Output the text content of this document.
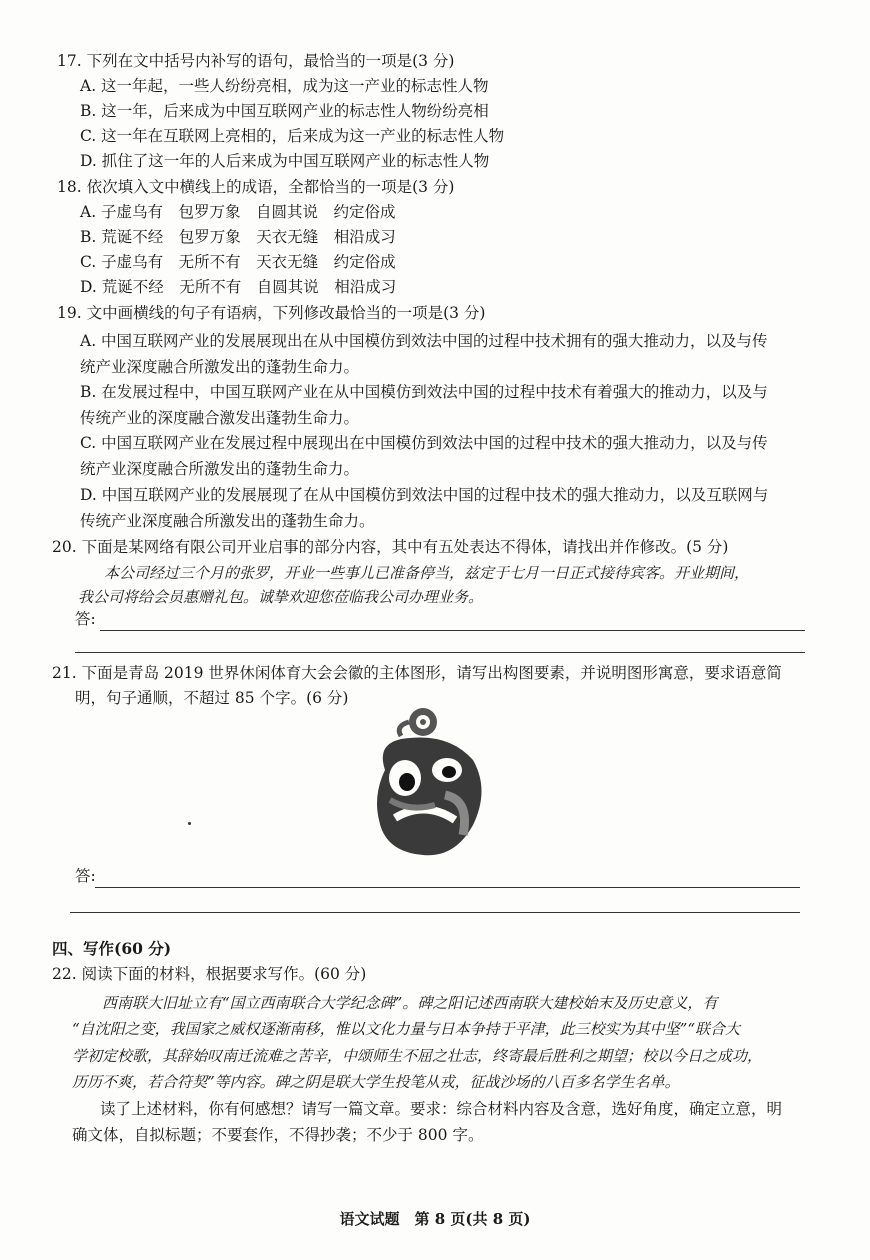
17. 下列在文中括号内补写的语句，最恰当的一项是(3 分)
A. 这一年起，一些人纷纷亮相，成为这一产业的标志性人物
B. 这一年，后来成为中国互联网产业的标志性人物纷纷亮相
C. 这一年在互联网上亮相的，后来成为这一产业的标志性人物
D. 抓住了这一年的人后来成为中国互联网产业的标志性人物
18. 依次填入文中横线上的成语，全都恰当的一项是(3 分)
A. 子虚乌有　包罗万象　自圆其说　约定俗成
B. 荒诞不经　包罗万象　天衣无缝　相沿成习
C. 子虚乌有　无所不有　天衣无缝　约定俗成
D. 荒诞不经　无所不有　自圆其说　相沿成习
19. 文中画横线的句子有语病，下列修改最恰当的一项是(3 分)
A. 中国互联网产业的发展展现出在从中国模仿到效法中国的过程中技术拥有的强大推动力，以及与传
统产业深度融合所激发出的蓬勃生命力。
B. 在发展过程中，中国互联网产业在从中国模仿到效法中国的过程中技术有着强大的推动力，以及与
传统产业的深度融合激发出蓬勃生命力。
C. 中国互联网产业在发展过程中展现出在中国模仿到效法中国的过程中技术的强大推动力，以及与传
统产业深度融合所激发出的蓬勃生命力。
D. 中国互联网产业的发展展现了在从中国模仿到效法中国的过程中技术的强大推动力，以及互联网与
传统产业深度融合所激发出的蓬勃生命力。
20. 下面是某网络有限公司开业启事的部分内容，其中有五处表达不得体，请找出并作修改。(5 分)
本公司经过三个月的张罗，开业一些事儿已准备停当，兹定于七月一日正式接待宾客。开业期间，
我公司将给会员惠赠礼包。诚挚欢迎您莅临我公司办理业务。
答:
21. 下面是青岛 2019 世界休闲体育大会会徽的主体图形，请写出构图要素，并说明图形寓意，要求语意简
明，句子通顺，不超过 85 个字。(6 分)
答:
四、写作(60 分)
22. 阅读下面的材料，根据要求写作。(60 分)
西南联大旧址立有“国立西南联合大学纪念碑”。碑之阳记述西南联大建校始末及历史意义，有
“自沈阳之变，我国家之威权逐渐南移，惟以文化力量与日本争持于平津，此三校实为其中坚”“联合大
学初定校歌，其辞始叹南迁流难之苦辛，中颂师生不屈之壮志，终寄最后胜利之期望；校以今日之成功，
历历不爽，若合符契”等内容。碑之阴是联大学生投笔从戎，征战沙场的八百多名学生名单。
读了上述材料，你有何感想？请写一篇文章。要求：综合材料内容及含意，选好角度，确定立意，明
确文体，自拟标题；不要套作，不得抄袭；不少于 800 字。
语文试题　第 8 页(共 8 页)
